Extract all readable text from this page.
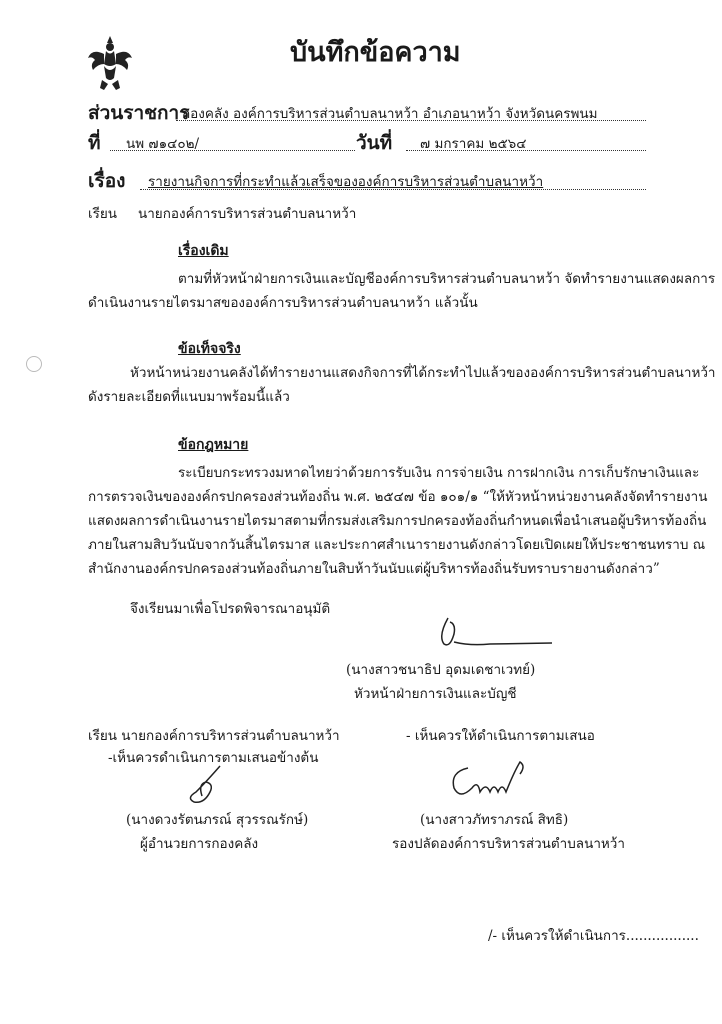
บันทึกข้อความ
ส่วนราชการ
กองคลัง องค์การบริหารส่วนตำบลนาหว้า อำเภอนาหว้า จังหวัดนครพนม
ที่ นพ ๗๑๔๐๒/	วันที่ ๗ มกราคม ๒๕๖๔
เรื่อง รายงานกิจการที่กระทำแล้วเสร็จขององค์การบริหารส่วนตำบลนาหว้า
เรียน นายกองค์การบริหารส่วนตำบลนาหว้า
เรื่องเดิม
ตามที่หัวหน้าฝ่ายการเงินและบัญชีองค์การบริหารส่วนตำบลนาหว้า จัดทำรายงานแสดงผลการ
ดำเนินงานรายไตรมาสขององค์การบริหารส่วนตำบลนาหว้า แล้วนั้น
ข้อเท็จจริง
หัวหน้าหน่วยงานคลังได้ทำรายงานแสดงกิจการที่ได้กระทำไปแล้วขององค์การบริหารส่วนตำบลนาหว้า
ดังรายละเอียดที่แนบมาพร้อมนี้แล้ว
ข้อกฎหมาย
ระเบียบกระทรวงมหาดไทยว่าด้วยการรับเงิน การจ่ายเงิน การฝากเงิน การเก็บรักษาเงินและ
การตรวจเงินขององค์กรปกครองส่วนท้องถิ่น พ.ศ. ๒๕๔๗ ข้อ ๑๐๑/๑ “ให้หัวหน้าหน่วยงานคลังจัดทำรายงาน
แสดงผลการดำเนินงานรายไตรมาสตามที่กรมส่งเสริมการปกครองท้องถิ่นกำหนดเพื่อนำเสนอผู้บริหารท้องถิ่น
ภายในสามสิบวันนับจากวันสิ้นไตรมาส และประกาศสำเนารายงานดังกล่าวโดยเปิดเผยให้ประชาชนทราบ ณ
สำนักงานองค์กรปกครองส่วนท้องถิ่นภายในสิบห้าวันนับแต่ผู้บริหารท้องถิ่นรับทราบรายงานดังกล่าว”
จึงเรียนมาเพื่อโปรดพิจารณาอนุมัติ
(นางสาวชนาธิป อุดมเดชาเวทย์)
หัวหน้าฝ่ายการเงินและบัญชี
เรียน นายกองค์การบริหารส่วนตำบลนาหว้า
-เห็นควรดำเนินการตามเสนอข้างต้น
- เห็นควรให้ดำเนินการตามเสนอ
(นางดวงรัตนภรณ์ สุวรรณรักษ์)
ผู้อำนวยการกองคลัง
(นางสาวภัทราภรณ์ สิทธิ)
รองปลัดองค์การบริหารส่วนตำบลนาหว้า
/- เห็นควรให้ดำเนินการ.................
